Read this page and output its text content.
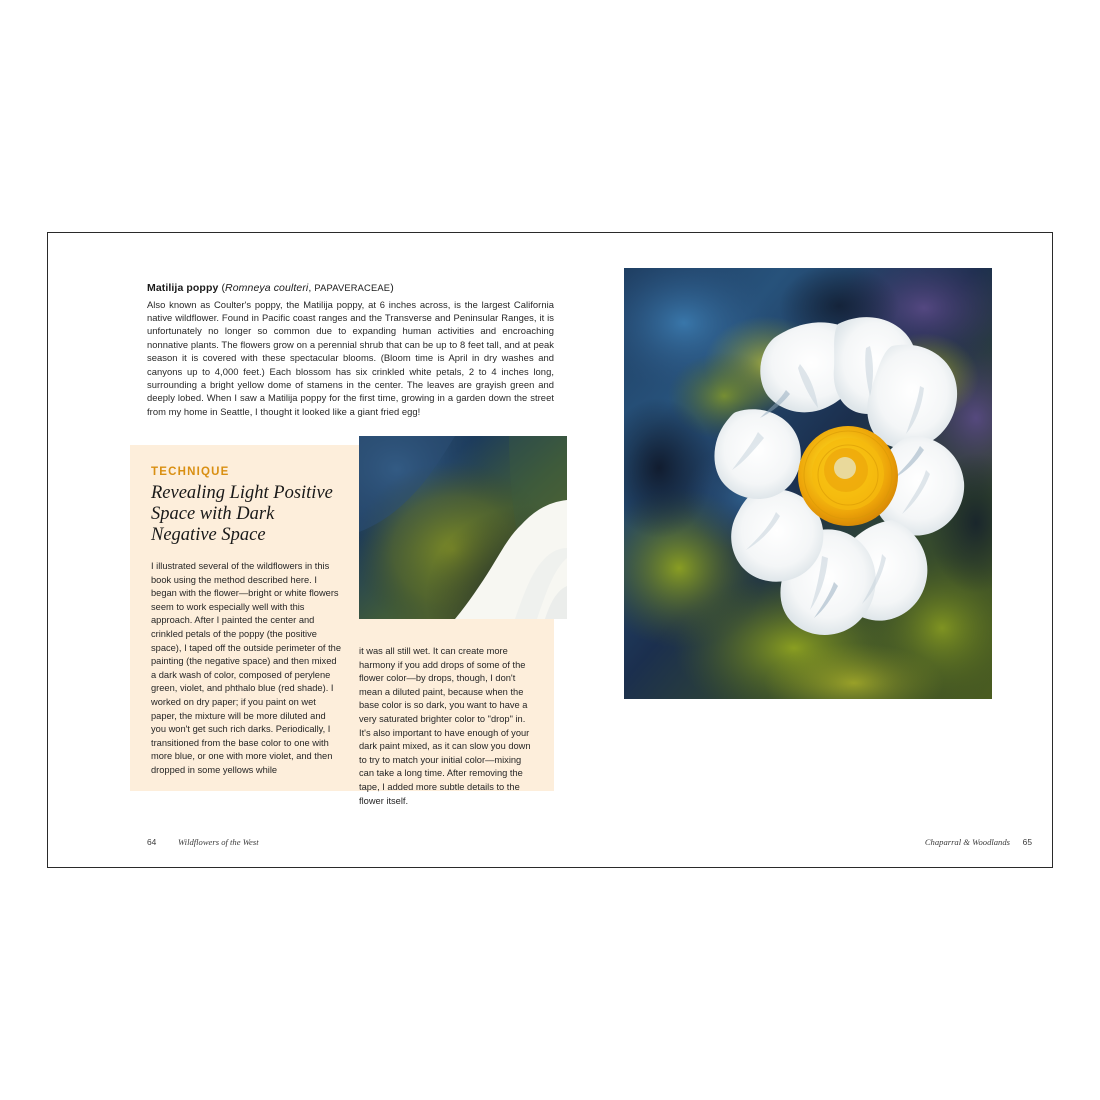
Matilija poppy (Romneya coulteri, PAPAVERACEAE)

Also known as Coulter's poppy, the Matilija poppy, at 6 inches across, is the largest California native wildflower. Found in Pacific coast ranges and the Transverse and Peninsular Ranges, it is unfortunately no longer so common due to expanding human activities and encroaching nonnative plants. The flowers grow on a perennial shrub that can be up to 8 feet tall, and at peak season it is covered with these spectacular blooms. (Bloom time is April in dry washes and canyons up to 4,000 feet.) Each blossom has six crinkled white petals, 2 to 4 inches long, surrounding a bright yellow dome of stamens in the center. The leaves are grayish green and deeply lobed. When I saw a Matilija poppy for the first time, growing in a garden down the street from my home in Seattle, I thought it looked like a giant fried egg!

TECHNIQUE

Revealing Light Positive Space with Dark Negative Space

I illustrated several of the wildflowers in this book using the method described here. I began with the flower—bright or white flowers seem to work especially well with this approach. After I painted the center and crinkled petals of the poppy (the positive space), I taped off the outside perimeter of the painting (the negative space) and then mixed a dark wash of color, composed of perylene green, violet, and phthalo blue (red shade). I worked on dry paper; if you paint on wet paper, the mixture will be more diluted and you won't get such rich darks. Periodically, I transitioned from the base color to one with more blue, or one with more violet, and then dropped in some yellows while

it was all still wet. It can create more harmony if you add drops of some of the flower color—by drops, though, I don't mean a diluted paint, because when the base color is so dark, you want to have a very saturated brighter color to "drop" in. It's also important to have enough of your dark paint mixed, as it can slow you down to try to match your initial color—mixing can take a long time. After removing the tape, I added more subtle details to the flower itself.

64	Wildflowers of the West	Chaparral & Woodlands 65
